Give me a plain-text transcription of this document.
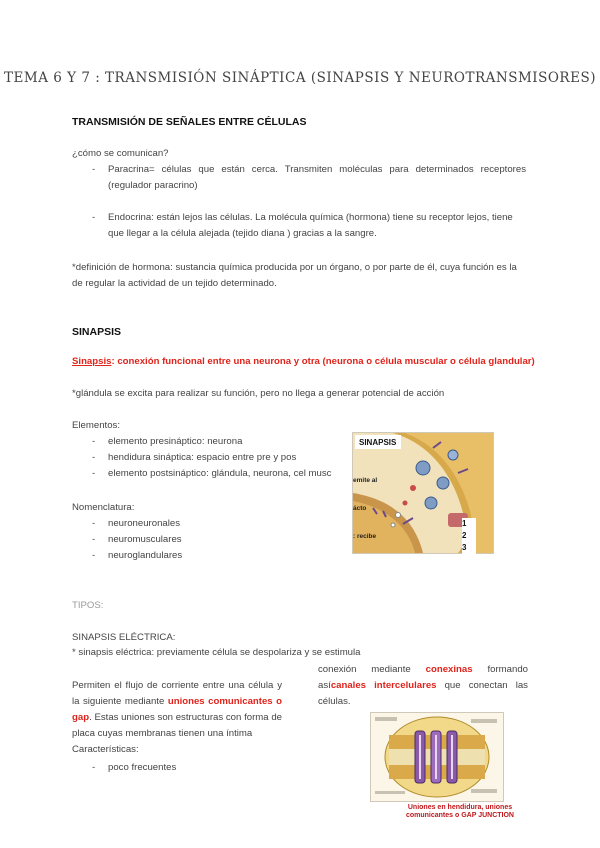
TEMA 6 Y 7 : TRANSMISIÓN SINÁPTICA (SINAPSIS Y NEUROTRANSMISORES)
TRANSMISIÓN DE SEÑALES ENTRE CÉLULAS
¿cómo se comunican?
- Paracrina= células que están cerca. Transmiten moléculas para determinados receptores (regulador paracrino)
- Endocrina: están lejos las células. La molécula química (hormona) tiene su receptor lejos, tiene que llegar a la célula alejada (tejido diana ) gracias a la sangre.
*definición de hormona: sustancia química producida por un órgano, o por parte de él, cuya función es la de regular la actividad de un tejido determinado.
SINAPSIS
Sinapsis: conexión funcional entre una neurona y otra (neurona o célula muscular o célula glandular)
*glándula se excita para realizar su función, pero no llega a generar potencial de acción
Elementos:
- elemento presináptico: neurona
- hendidura sináptica: espacio entre pre y pos
- elemento postsináptico: glándula, neurona, cel musc
Nomenclatura:
- neuroneuronales
- neuromusculares
- neuroglandulares
SINAPSIS
emite al
ácto
: recibe
1
2
3
TIPOS:
SINAPSIS ELÉCTRICA:
* sinapsis eléctrica: previamente célula se despolariza y se estimula
conexión mediante conexinas formando asícanales intercelulares que conectan las células.
Permiten el flujo de corriente entre una célula y la siguiente mediante uniones comunicantes o gap. Estas uniones son estructuras con forma de placa cuyas membranas tienen una íntima
Características:
- poco frecuentes
Uniones en hendidura, uniones comunicantes o GAP JUNCTION
